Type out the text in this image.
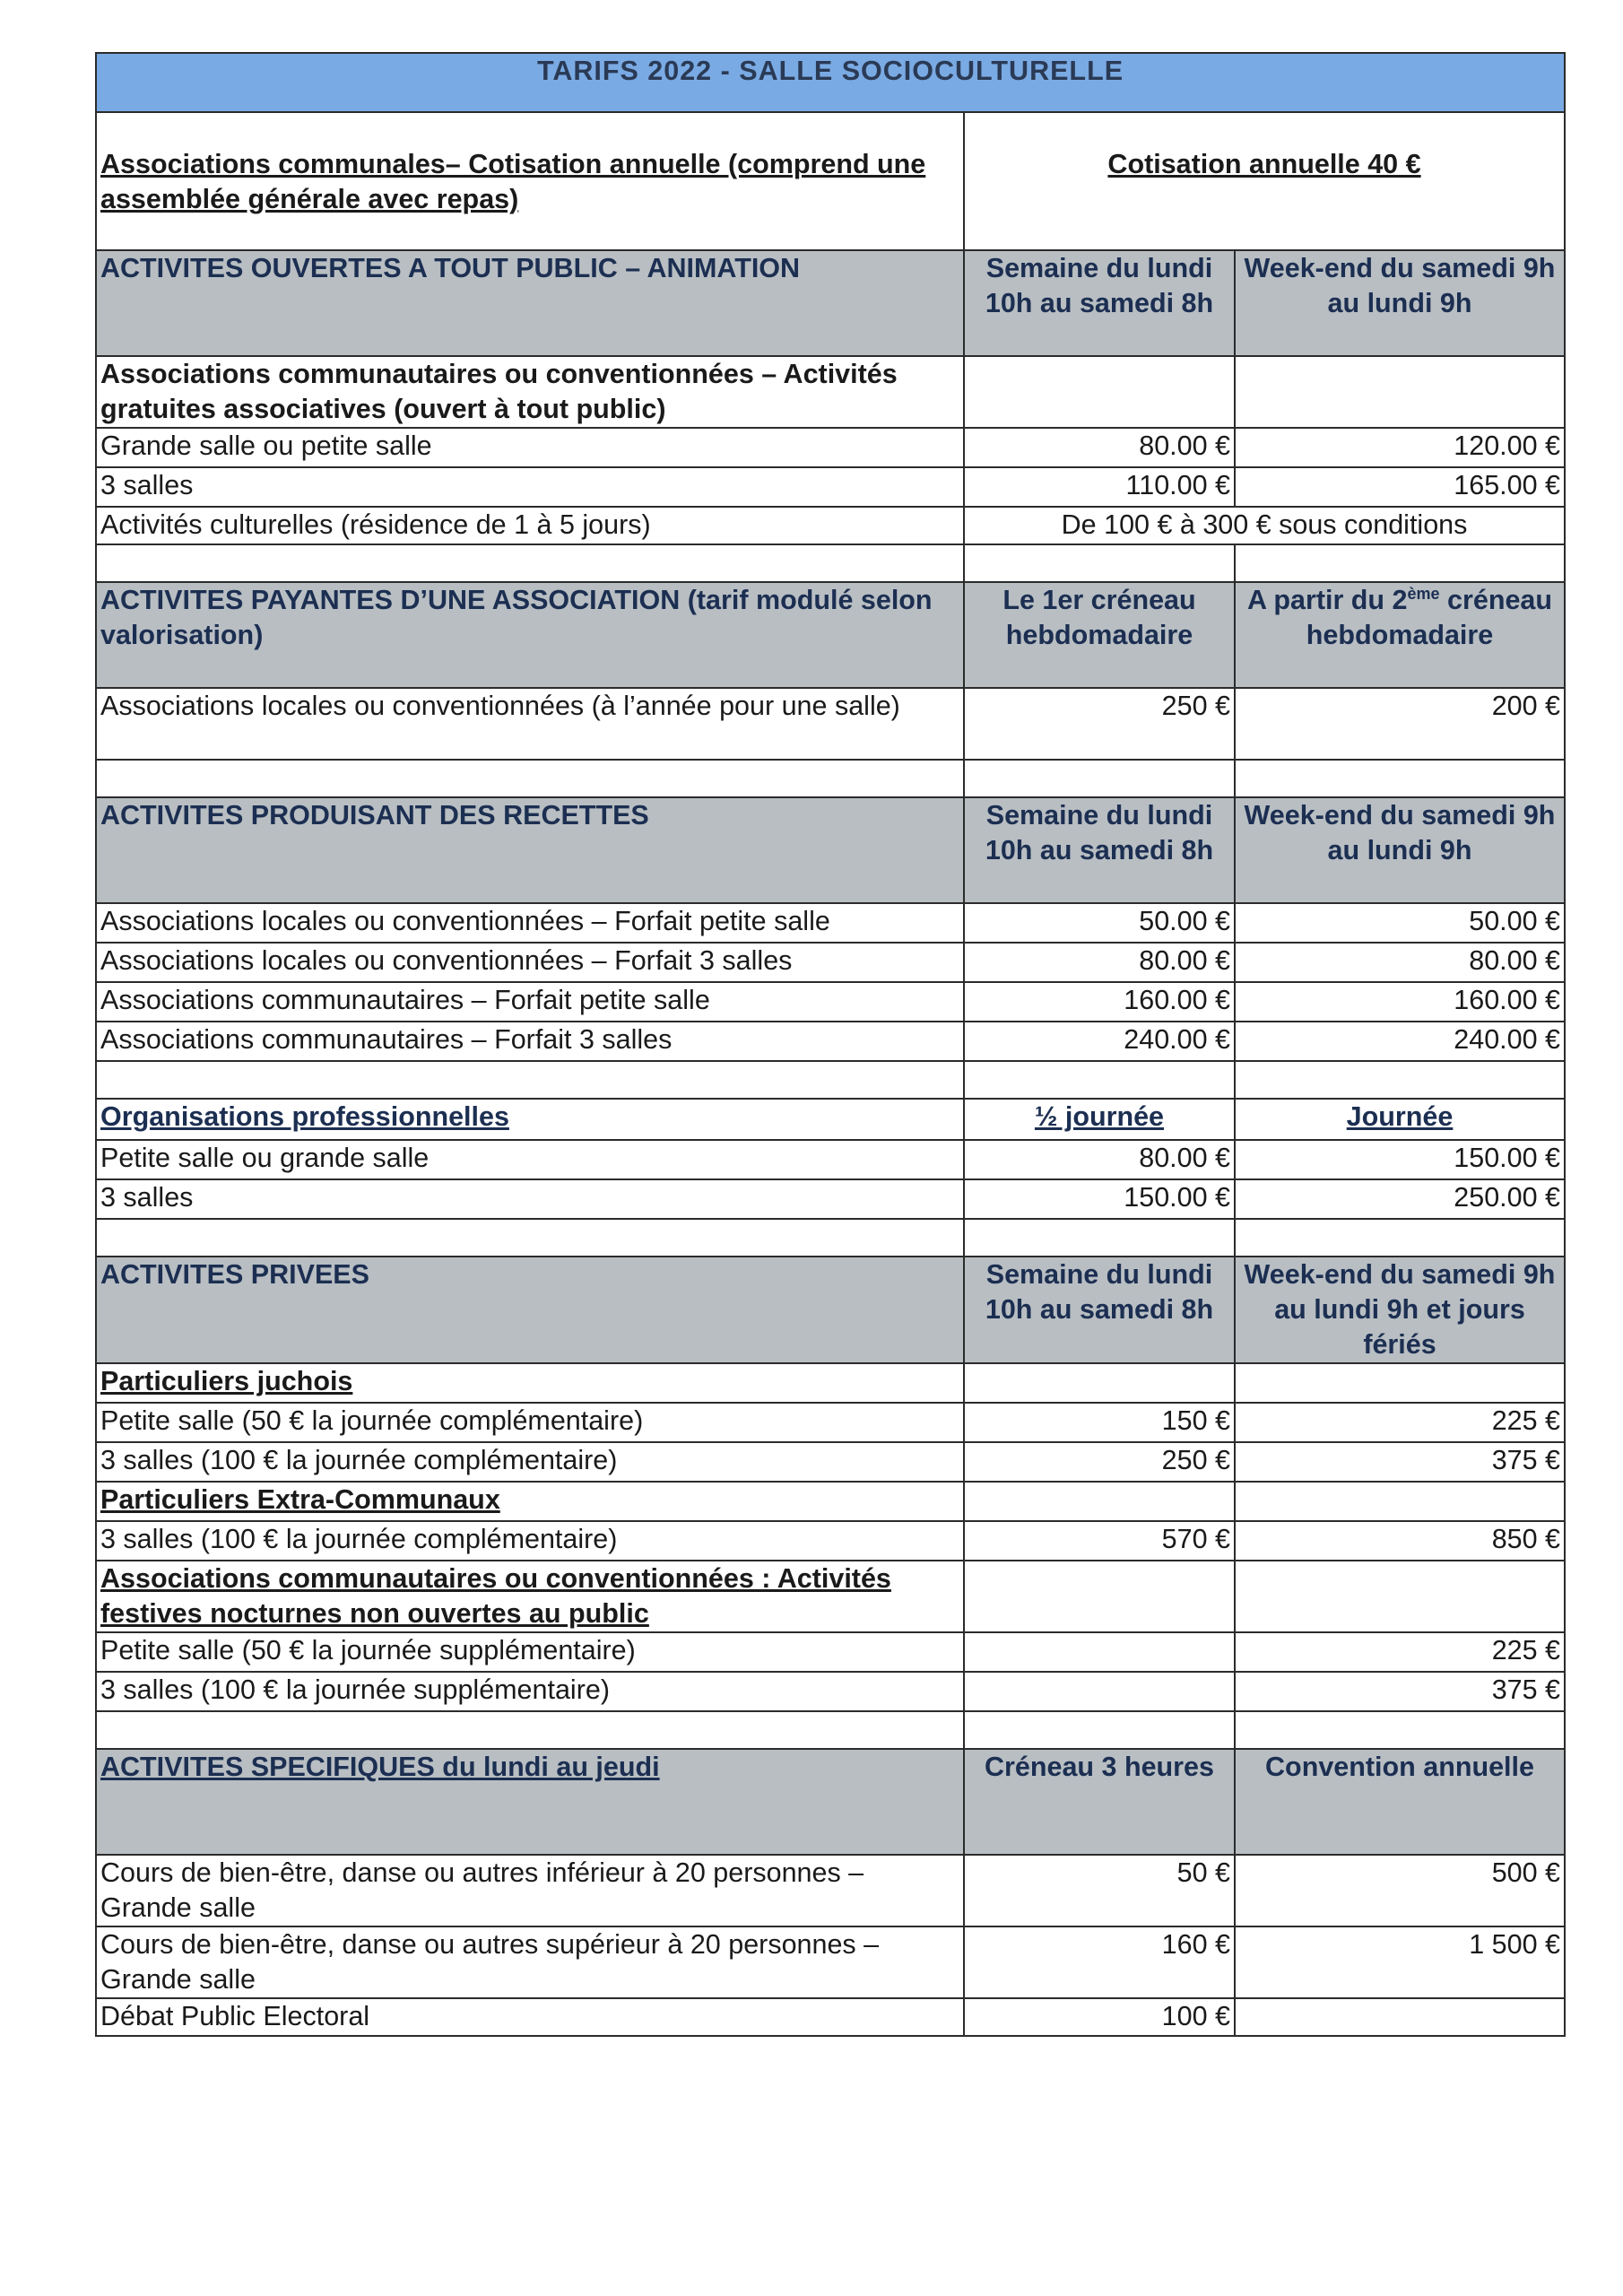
TARIFS 2022 - SALLE SOCIOCULTURELLE		
Associations communales– Cotisation annuelle (comprend une assemblée générale avec repas)	Cotisation annuelle 40 €	
ACTIVITES OUVERTES A TOUT PUBLIC – ANIMATION	Semaine du lundi 10h au samedi 8h	Week-end du samedi 9h au lundi 9h
Associations communautaires ou conventionnées – Activités gratuites associatives (ouvert à tout public)		
Grande salle ou petite salle	80.00 €	120.00 €
3 salles	110.00 €	165.00 €
Activités culturelles (résidence de 1 à 5 jours)	De 100 € à 300 € sous conditions	

ACTIVITES PAYANTES D’UNE ASSOCIATION (tarif modulé selon valorisation)	Le 1er créneau hebdomadaire	A partir du 2ème créneau hebdomadaire
Associations locales ou conventionnées (à l’année pour une salle)	250 €	200 €

ACTIVITES PRODUISANT DES RECETTES	Semaine du lundi 10h au samedi 8h	Week-end du samedi 9h au lundi 9h
Associations locales ou conventionnées – Forfait petite salle	50.00 €	50.00 €
Associations locales ou conventionnées – Forfait 3 salles	80.00 €	80.00 €
Associations communautaires – Forfait petite salle	160.00 €	160.00 €
Associations communautaires – Forfait 3 salles	240.00 €	240.00 €

Organisations professionnelles	½ journée	Journée
Petite salle ou grande salle	80.00 €	150.00 €
3 salles	150.00 €	250.00 €

ACTIVITES PRIVEES	Semaine du lundi 10h au samedi 8h	Week-end du samedi 9h au lundi 9h et jours fériés
Particuliers juchois		
Petite salle (50 € la journée complémentaire)	150 €	225 €
3 salles (100 € la journée complémentaire)	250 €	375 €
Particuliers Extra-Communaux		
3 salles (100 € la journée complémentaire)	570 €	850 €
Associations communautaires ou conventionnées : Activités festives nocturnes non ouvertes au public		
Petite salle (50 € la journée supplémentaire)		225 €
3 salles (100 € la journée supplémentaire)		375 €

ACTIVITES SPECIFIQUES du lundi au jeudi	Créneau 3 heures	Convention annuelle
Cours de bien-être, danse ou autres inférieur à 20 personnes – Grande salle	50 €	500 €
Cours de bien-être, danse ou autres supérieur à 20 personnes – Grande salle	160 €	1 500 €
Débat Public Electoral	100 €	
